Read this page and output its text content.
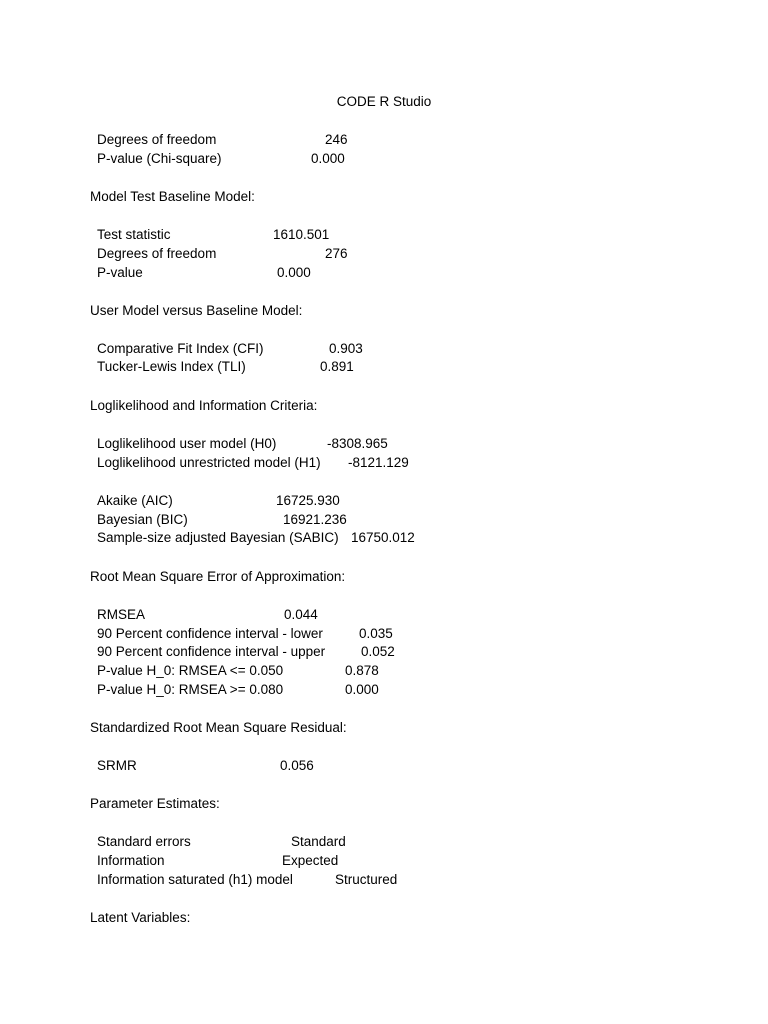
CODE R Studio
Degrees of freedom	246
P-value (Chi-square)	0.000
Model Test Baseline Model:
Test statistic	1610.501
Degrees of freedom	276
P-value	0.000
User Model versus Baseline Model:
Comparative Fit Index (CFI)	0.903
Tucker-Lewis Index (TLI)	0.891
Loglikelihood and Information Criteria:
Loglikelihood user model (H0)	-8308.965
Loglikelihood unrestricted model (H1) -8121.129
Akaike (AIC)	16725.930
Bayesian (BIC)	16921.236
Sample-size adjusted Bayesian (SABIC) 16750.012
Root Mean Square Error of Approximation:
RMSEA	0.044
90 Percent confidence interval - lower	0.035
90 Percent confidence interval - upper	0.052
P-value H_0: RMSEA <= 0.050	0.878
P-value H_0: RMSEA >= 0.080	0.000
Standardized Root Mean Square Residual:
SRMR	0.056
Parameter Estimates:
Standard errors	Standard
Information	Expected
Information saturated (h1) model	Structured
Latent Variables:
